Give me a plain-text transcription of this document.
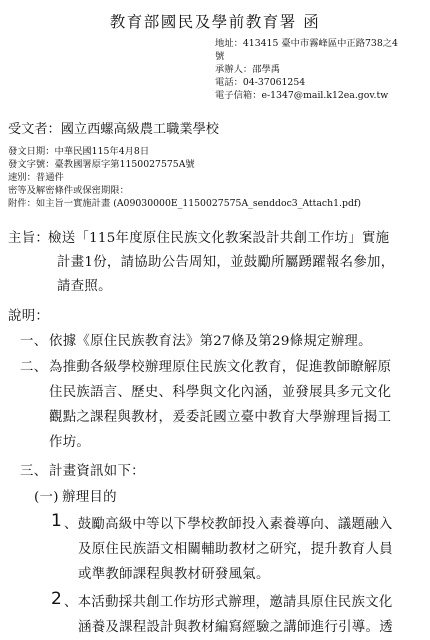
教育部國民及學前教育署 函
地址：413415 臺中市霧峰區中正路738之4
號
承辦人：邵學禹
電話：04-37061254
電子信箱：e-1347@mail.k12ea.gov.tw
受文者：國立西螺高級農工職業學校
發文日期：中華民國115年4月8日
發文字號：臺教國署原字第1150027575A號
速別：普通件
密等及解密條件或保密期限：
附件：如主旨一實施計畫 (A09030000E_1150027575A_senddoc3_Attach1.pdf)
主旨：
檢送「115年度原住民族文化教案設計共創工作坊」實施
計畫1份，請協助公告周知，並鼓勵所屬踴躍報名參加，
請查照。
說明：
一、 依據《原住民族教育法》第27條及第29條規定辦理。
二、 為推動各級學校辦理原住民族文化教育，促進教師瞭解原
住民族語言、歷史、科學與文化內涵，並發展具多元文化
觀點之課程與教材，爰委託國立臺中教育大學辦理旨揭工
作坊。
三、 計畫資訊如下：
(一) 辦理目的
1 、鼓勵高級中等以下學校教師投入素養導向、議題融入
及原住民族語文相關輔助教材之研究，提升教育人員
或準教師課程與教材研發風氣。
2 、本活動採共創工作坊形式辦理，邀請具原住民族文化
涵養及課程設計與教材編寫經驗之講師進行引導。透
